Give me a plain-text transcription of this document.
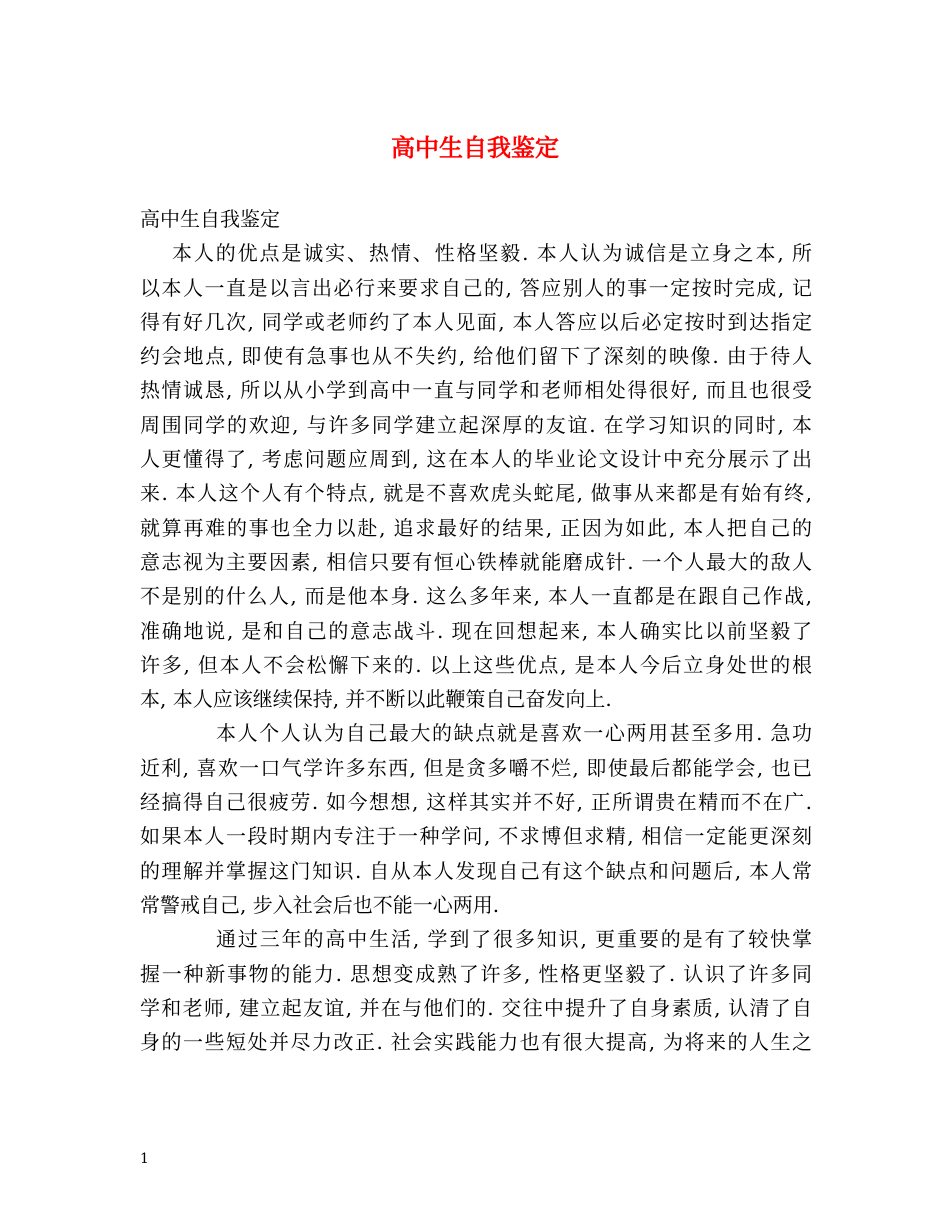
高中生自我鉴定
高中生自我鉴定
本人的优点是诚实、热情、性格坚毅. 本人认为诚信是立身之本, 所
以本人一直是以言出必行来要求自己的, 答应别人的事一定按时完成, 记
得有好几次, 同学或老师约了本人见面, 本人答应以后必定按时到达指定
约会地点, 即使有急事也从不失约, 给他们留下了深刻的映像. 由于待人
热情诚恳, 所以从小学到高中一直与同学和老师相处得很好, 而且也很受
周围同学的欢迎, 与许多同学建立起深厚的友谊. 在学习知识的同时, 本
人更懂得了, 考虑问题应周到, 这在本人的毕业论文设计中充分展示了出
来. 本人这个人有个特点, 就是不喜欢虎头蛇尾, 做事从来都是有始有终,
就算再难的事也全力以赴, 追求最好的结果, 正因为如此, 本人把自己的
意志视为主要因素, 相信只要有恒心铁棒就能磨成针. 一个人最大的敌人
不是别的什么人, 而是他本身. 这么多年来, 本人一直都是在跟自己作战,
准确地说, 是和自己的意志战斗. 现在回想起来, 本人确实比以前坚毅了
许多, 但本人不会松懈下来的. 以上这些优点, 是本人今后立身处世的根
本, 本人应该继续保持, 并不断以此鞭策自己奋发向上.
本人个人认为自己最大的缺点就是喜欢一心两用甚至多用. 急功
近利, 喜欢一口气学许多东西, 但是贪多嚼不烂, 即使最后都能学会, 也已
经搞得自己很疲劳. 如今想想, 这样其实并不好, 正所谓贵在精而不在广.
如果本人一段时期内专注于一种学问, 不求博但求精, 相信一定能更深刻
的理解并掌握这门知识. 自从本人发现自己有这个缺点和问题后, 本人常
常警戒自己, 步入社会后也不能一心两用.
通过三年的高中生活, 学到了很多知识, 更重要的是有了较快掌
握一种新事物的能力. 思想变成熟了许多, 性格更坚毅了. 认识了许多同
学和老师, 建立起友谊, 并在与他们的. 交往中提升了自身素质, 认清了自
身的一些短处并尽力改正. 社会实践能力也有很大提高, 为将来的人生之
1
